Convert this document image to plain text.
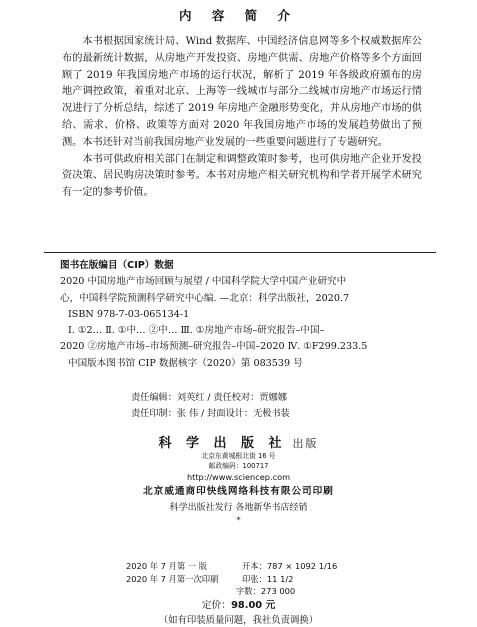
内 容 简 介

本书根据国家统计局、Wind 数据库、中国经济信息网等多个权威数据库公布的最新统计数据，从房地产开发投资、房地产供需、房地产价格等多个方面回顾了 2019 年我国房地产市场的运行状况，解析了 2019 年各级政府颁布的房地产调控政策，着重对北京、上海等一线城市与部分二线城市房地产市场运行情况进行了分析总结，综述了 2019 年房地产金融形势变化，并从房地产市场的供给、需求、价格、政策等方面对 2020 年我国房地产市场的发展趋势做出了预测。本书还针对当前我国房地产业发展的一些重要问题进行了专题研究。

本书可供政府相关部门在制定和调整政策时参考，也可供房地产企业开发投资决策、居民购房决策时参考。本书对房地产相关研究机构和学者开展学术研究有一定的参考价值。

图书在版编目（CIP）数据
2020 中国房地产市场回顾与展望 / 中国科学院大学中国产业研究中
心，中国科学院预测科学研究中心编. —北京：科学出版社，2020.7
ISBN 978-7-03-065134-1
Ⅰ. ①2… Ⅱ. ①中… ②中… Ⅲ. ①房地产市场–研究报告–中国–
2020 ②房地产市场–市场预测–研究报告–中国–2020 Ⅳ. ①F299.233.5
中国版本图书馆 CIP 数据核字（2020）第 083539 号
责任编辑：刘英红 / 责任校对：贾娜娜
责任印制：张 伟 / 封面设计：无极书装
科 学 出 版 社 出版
北京东黄城根北街 16 号
邮政编码：100717
http://www.sciencep.com
北京威通商印快线网络科技有限公司印刷
科学出版社发行 各地新华书店经销
*
2020 年 7 月第 一 版	开本：787 × 1092 1/16
2020 年 7 月第一次印刷	印张：11 1/2
字数：273 000
定价：98.00 元
（如有印装质量问题，我社负责调换）
